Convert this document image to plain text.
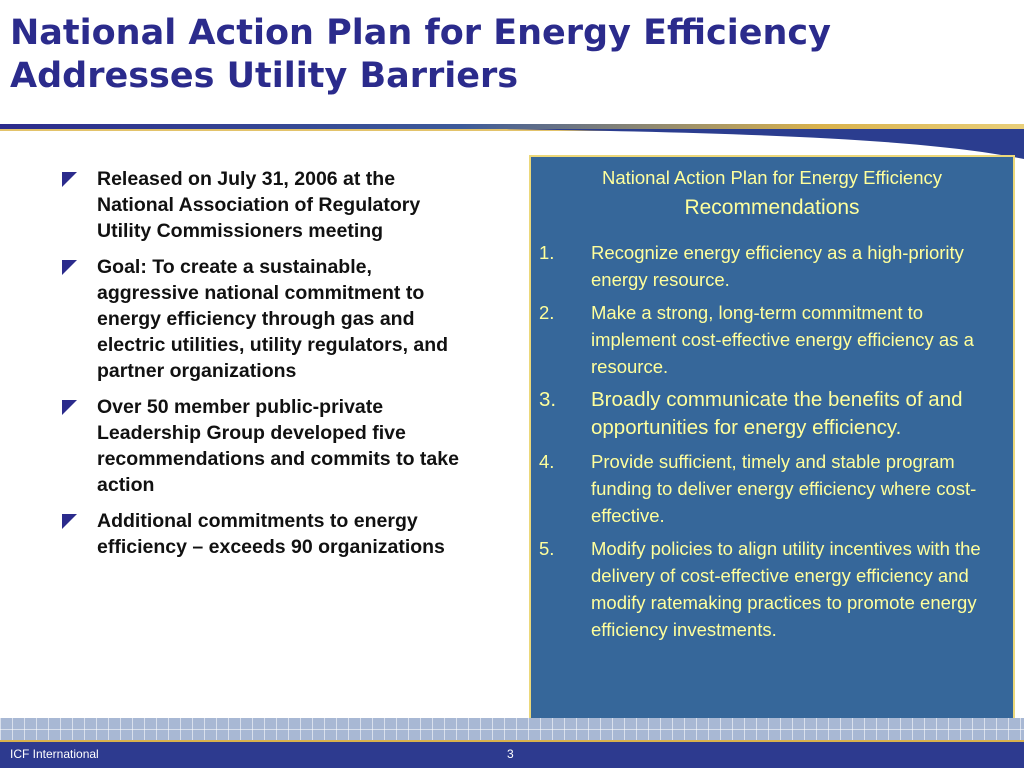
National Action Plan for Energy Efficiency
Addresses Utility Barriers
Released on July 31, 2006 at the National Association of Regulatory Utility Commissioners meeting
Goal: To create a sustainable, aggressive national commitment to energy efficiency through gas and electric utilities, utility regulators, and partner organizations
Over 50 member public-private Leadership Group developed five recommendations and commits to take action
Additional commitments to energy efficiency – exceeds 90 organizations
National Action Plan for Energy Efficiency
Recommendations
1. Recognize energy efficiency as a high-priority energy resource.
2. Make a strong, long-term commitment to implement cost-effective energy efficiency as a resource.
3. Broadly communicate the benefits of and opportunities for energy efficiency.
4. Provide sufficient, timely and stable program funding to deliver energy efficiency where cost-effective.
5. Modify policies to align utility incentives with the delivery of cost-effective energy efficiency and modify ratemaking practices to promote energy efficiency investments.
ICF International	3
